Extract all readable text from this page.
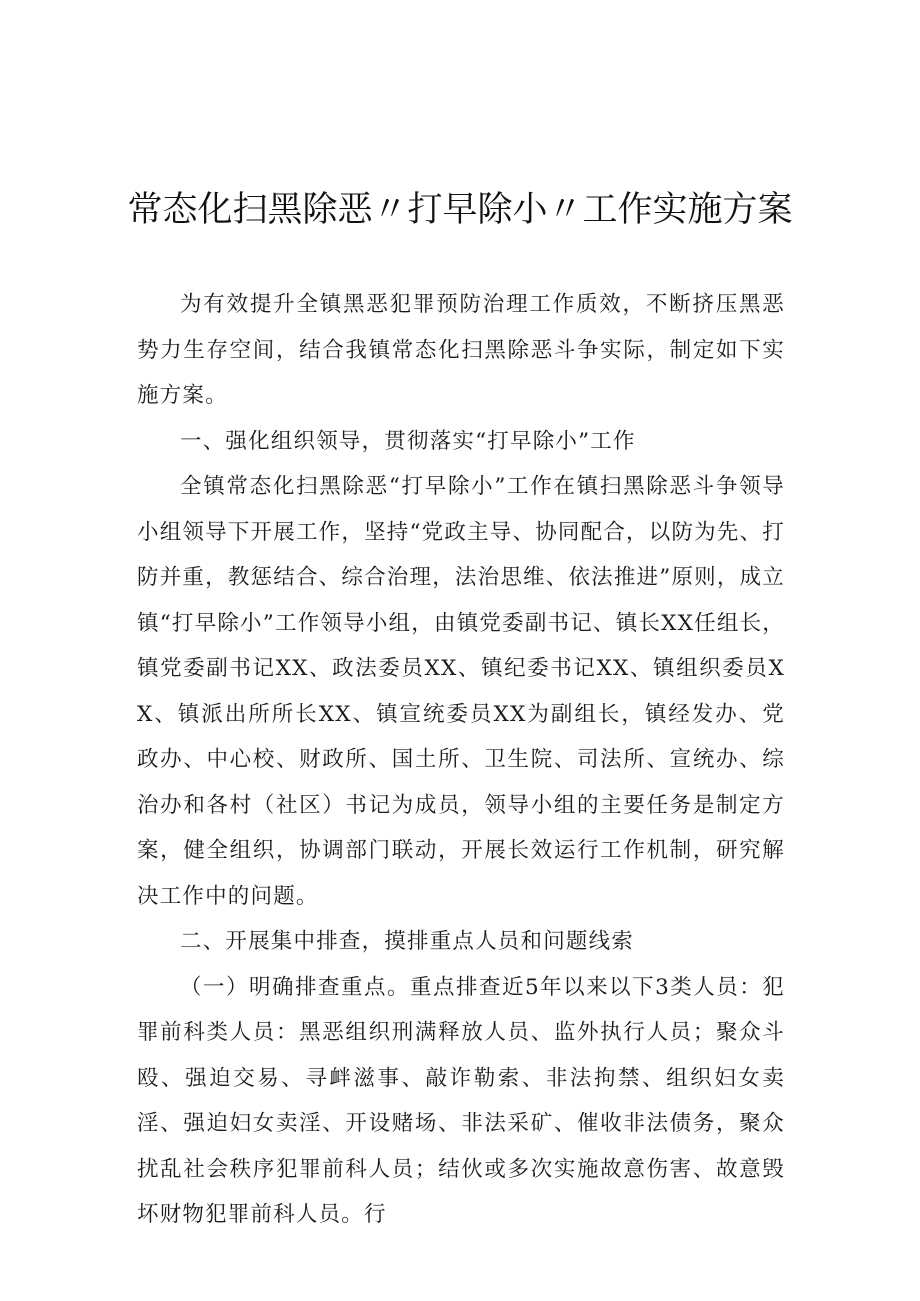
常态化扫黑除恶〃打早除小〃工作实施方案

为有效提升全镇黑恶犯罪预防治理工作质效，不断挤压黑恶势力生存空间，结合我镇常态化扫黑除恶斗争实际，制定如下实施方案。

一、强化组织领导，贯彻落实“打早除小”工作

全镇常态化扫黑除恶“打早除小”工作在镇扫黑除恶斗争领导小组领导下开展工作，坚持“党政主导、协同配合，以防为先、打防并重，教惩结合、综合治理，法治思维、依法推进”原则，成立镇“打早除小”工作领导小组，由镇党委副书记、镇长XX任组长，镇党委副书记XX、政法委员XX、镇纪委书记XX、镇组织委员XX、镇派出所所长XX、镇宣统委员XX为副组长，镇经发办、党政办、中心校、财政所、国土所、卫生院、司法所、宣统办、综治办和各村（社区）书记为成员，领导小组的主要任务是制定方案，健全组织，协调部门联动，开展长效运行工作机制，研究解决工作中的问题。

二、开展集中排查，摸排重点人员和问题线索

（一）明确排查重点。重点排查近5年以来以下3类人员：犯罪前科类人员：黑恶组织刑满释放人员、监外执行人员；聚众斗殴、强迫交易、寻衅滋事、敲诈勒索、非法拘禁、组织妇女卖淫、强迫妇女卖淫、开设赌场、非法采矿、催收非法债务，聚众扰乱社会秩序犯罪前科人员；结伙或多次实施故意伤害、故意毁坏财物犯罪前科人员。行
